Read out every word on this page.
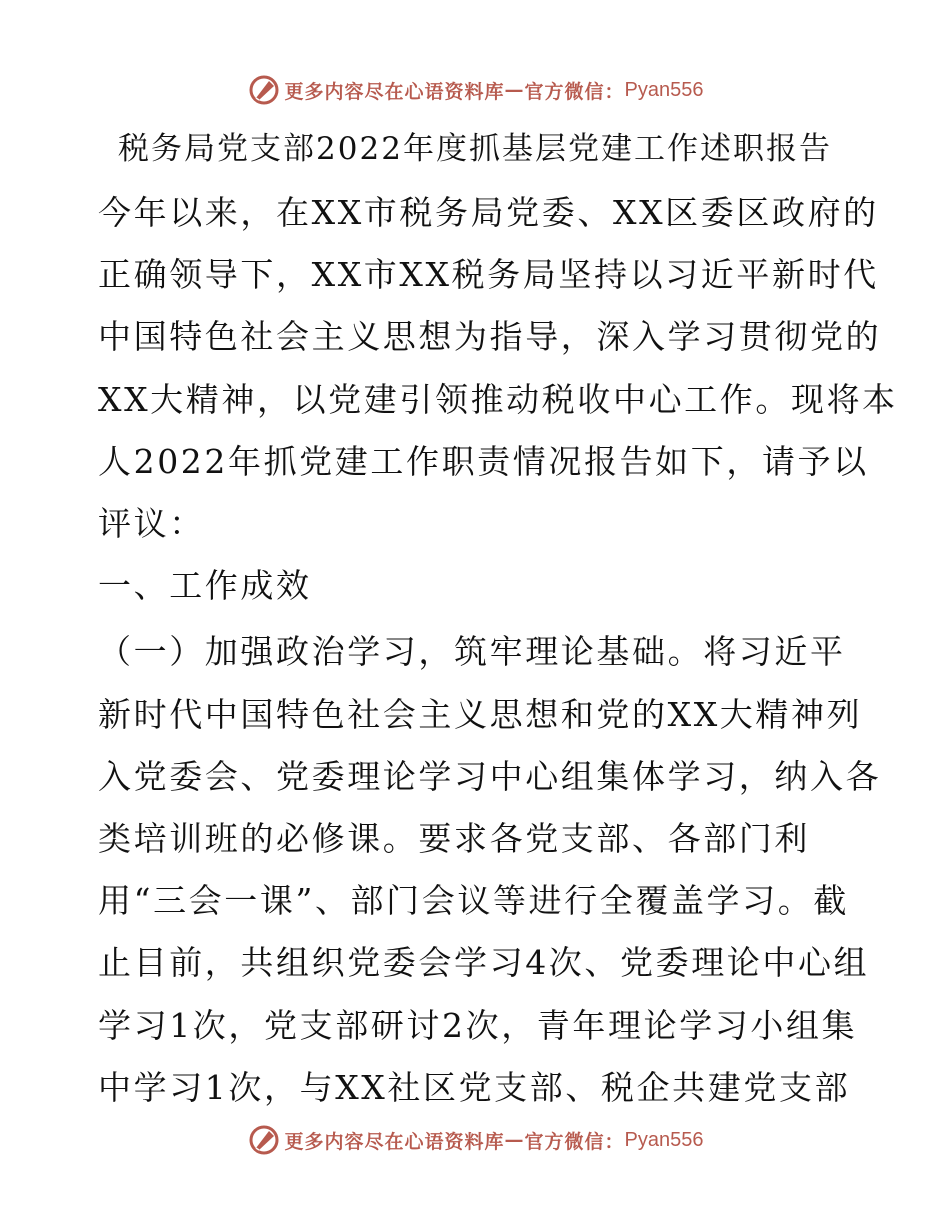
更多内容尽在心语资料库 — 官方微信： Pyan556
税务局党支部2022年度抓基层党建工作述职报告
今年以来，在XX市税务局党委、XX区委区政府的
正确领导下，XX市XX税务局坚持以习近平新时代
中国特色社会主义思想为指导，深入学习贯彻党的
XX大精神，以党建引领推动税收中心工作。现将本
人2022年抓党建工作职责情况报告如下，请予以
评议：
一、工作成效
（一）加强政治学习，筑牢理论基础。将习近平
新时代中国特色社会主义思想和党的XX大精神列
入党委会、党委理论学习中心组集体学习，纳入各
类培训班的必修课。要求各党支部、各部门利
用“三会一课”、部门会议等进行全覆盖学习。截
止目前，共组织党委会学习4次、党委理论中心组
学习1次，党支部研讨2次，青年理论学习小组集
更多内容尽在心语资料库 — 官方微信： Pyan556
中学习1次，与XX社区党支部、税企共建党支部
